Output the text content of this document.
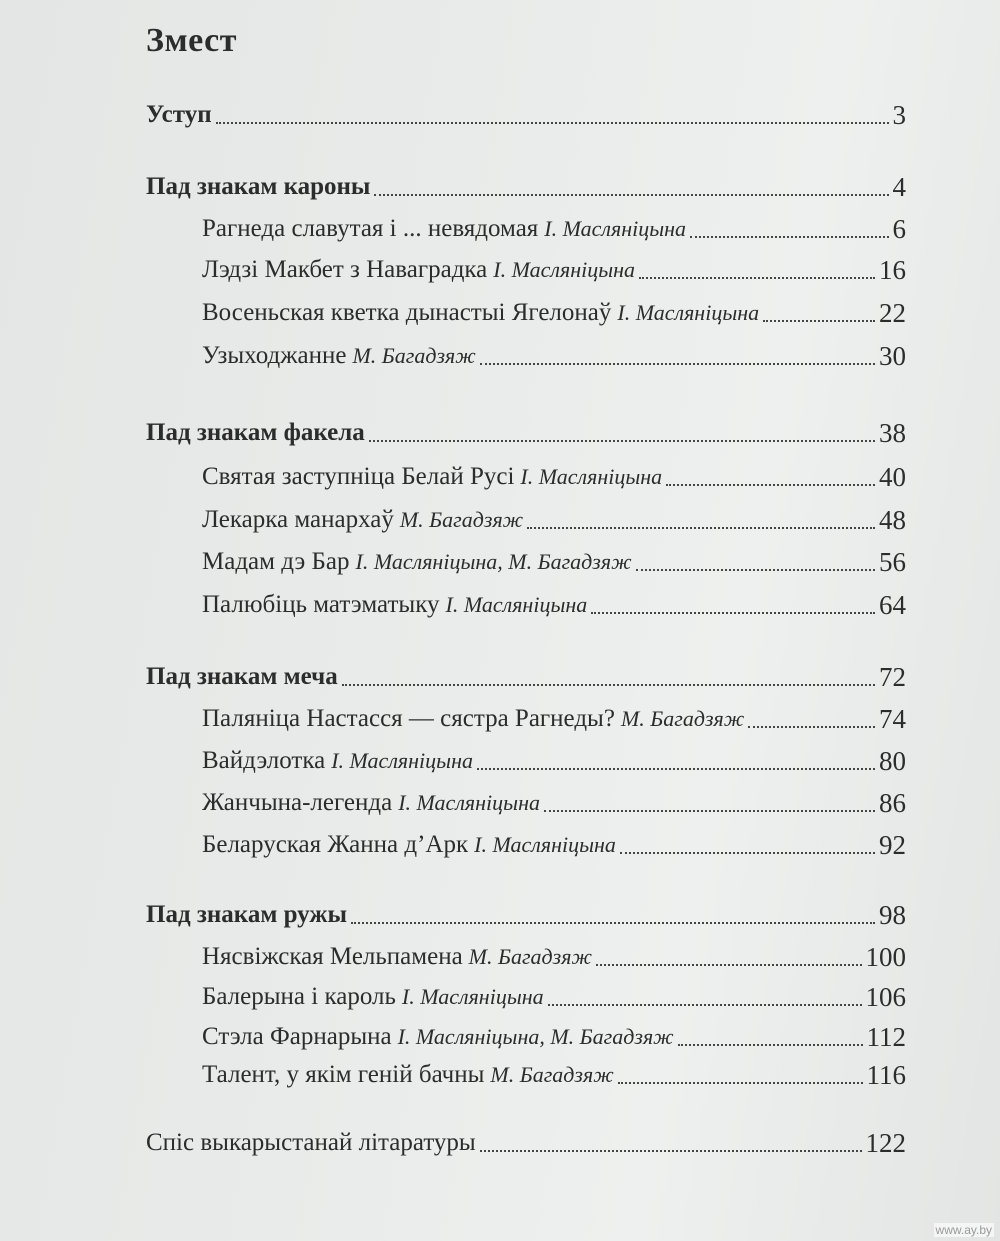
Змест
Уступ	3
Пад знакам кароны	4
Рагнеда славутая і ... невядомая І. Масляніцына	6
Лэдзі Макбет з Наваградка І. Масляніцына	16
Восеньская кветка дынастыі Ягелонаў І. Масляніцына	22
Узыходжанне М. Багадзяж	30
Пад знакам факела	38
Святая заступніца Белай Русі І. Масляніцына	40
Лекарка манархаў М. Багадзяж	48
Мадам дэ Бар І. Масляніцына, М. Багадзяж	56
Палюбіць матэматыку І. Масляніцына	64
Пад знакам меча	72
Паляніца Настасся — сястра Рагнеды? М. Багадзяж	74
Вайдэлотка І. Масляніцына	80
Жанчына-легенда І. Масляніцына	86
Беларуская Жанна д’Арк І. Масляніцына	92
Пад знакам ружы	98
Нясвіжская Мельпамена М. Багадзяж	100
Балерына і кароль І. Масляніцына	106
Стэла Фарнарына І. Масляніцына, М. Багадзяж	112
Талент, у якім геній бачны М. Багадзяж	116
Спіс выкарыстанай літаратуры	122
www.ay.by
